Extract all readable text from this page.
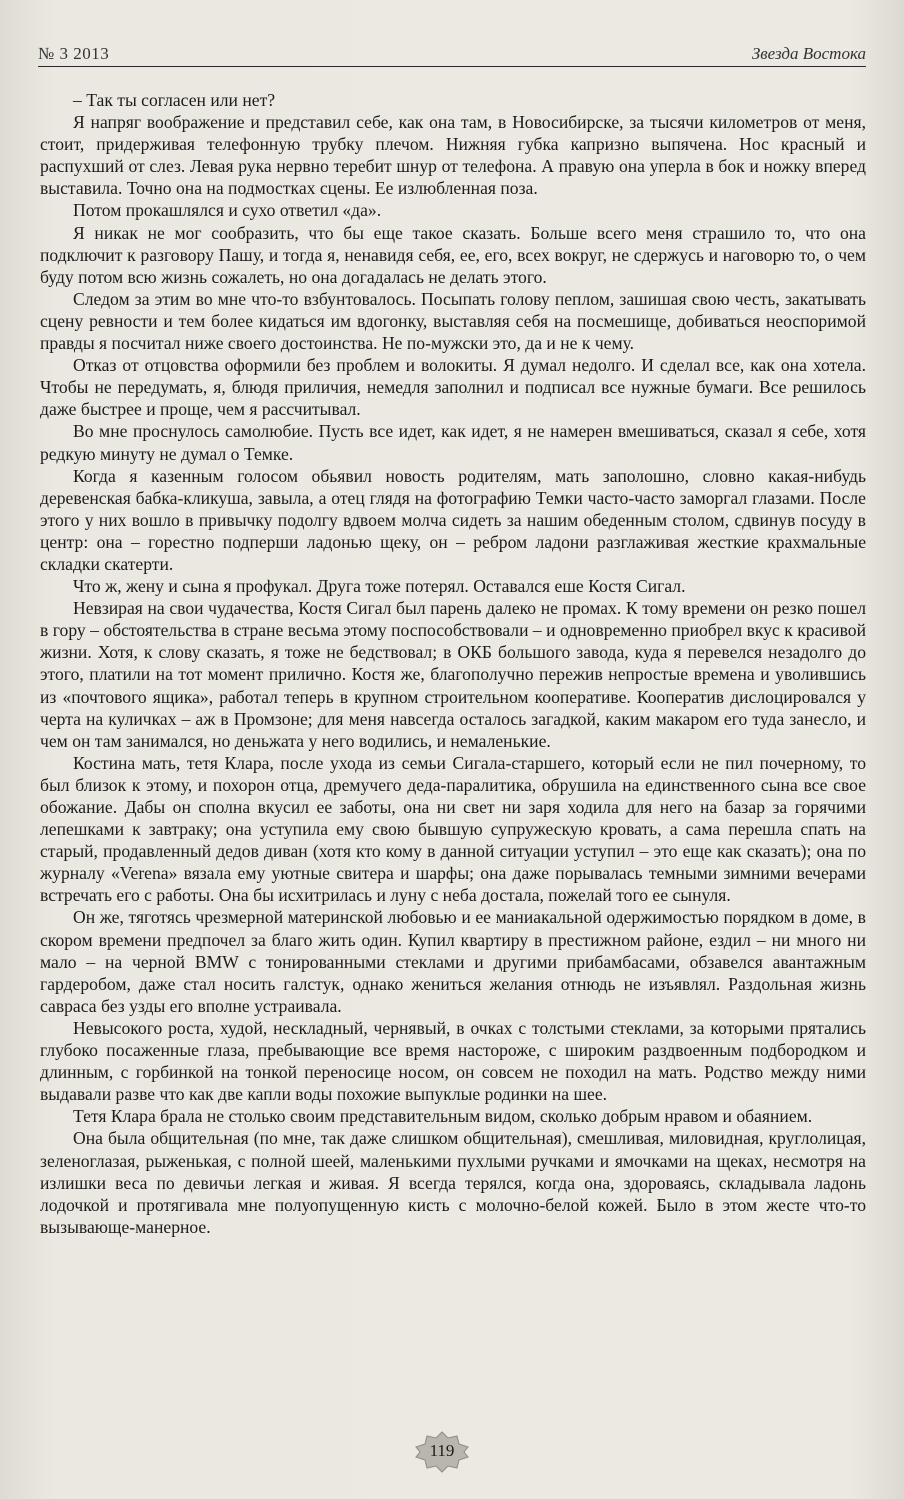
№ 3 2013	Звезда Востока

– Так ты согласен или нет?

Я напряг воображение и представил себе, как она там, в Новосибирске, за тысячи километров от меня, стоит, придерживая телефонную трубку плечом. Нижняя губка капризно выпячена. Нос красный и распухший от слез. Левая рука нервно теребит шнур от телефона. А правую она уперла в бок и ножку вперед выставила. Точно она на подмостках сцены. Ее излюбленная поза.

Потом прокашлялся и сухо ответил «да».

Я никак не мог сообразить, что бы еще такое сказать. Больше всего меня страшило то, что она подключит к разговору Пашу, и тогда я, ненавидя себя, ее, его, всех вокруг, не сдержусь и наговорю то, о чем буду потом всю жизнь сожалеть, но она догадалась не делать этого.

Следом за этим во мне что-то взбунтовалось. Посыпать голову пеплом, зашишая свою честь, закатывать сцену ревности и тем более кидаться им вдогонку, выставляя себя на посмешище, добиваться неоспоримой правды я посчитал ниже своего достоинства. Не по-мужски это, да и не к чему.

Отказ от отцовства оформили без проблем и волокиты. Я думал недолго. И сделал все, как она хотела. Чтобы не передумать, я, блюдя приличия, немедля заполнил и подписал все нужные бумаги. Все решилось даже быстрее и проще, чем я рассчитывал.

Во мне проснулось самолюбие. Пусть все идет, как идет, я не намерен вмешиваться, сказал я себе, хотя редкую минуту не думал о Темке.

Когда я казенным голосом обьявил новость родителям, мать заполошно, словно какая-нибудь деревенская бабка-кликуша, завыла, а отец глядя на фотографию Темки часто-часто заморгал глазами. После этого у них вошло в привычку подолгу вдвоем молча сидеть за нашим обеденным столом, сдвинув посуду в центр: она – горестно подперши ладонью щеку, он – ребром ладони разглаживая жесткие крахмальные складки скатерти.

Что ж, жену и сына я профукал. Друга тоже потерял. Оставался еше Костя Сигал.

Невзирая на свои чудачества, Костя Сигал был парень далеко не промах. К тому времени он резко пошел в гору – обстоятельства в стране весьма этому поспособствовали – и одновременно приобрел вкус к красивой жизни. Хотя, к слову сказать, я тоже не бедствовал; в ОКБ большого завода, куда я перевелся незадолго до этого, платили на тот момент прилично. Костя же, благополучно пережив непростые времена и уволившись из «почтового ящика», работал теперь в крупном строительном кооперативе. Кооператив дислоцировался у черта на куличках – аж в Промзоне; для меня навсегда осталось загадкой, каким макаром его туда занесло, и чем он там занимался, но деньжата у него водились, и немаленькие.

Костина мать, тетя Клара, после ухода из семьи Сигала-старшего, который если не пил почерному, то был близок к этому, и похорон отца, дремучего деда-паралитика, обрушила на единственного сына все свое обожание. Дабы он сполна вкусил ее заботы, она ни свет ни заря ходила для него на базар за горячими лепешками к завтраку; она уступила ему свою бывшую супружескую кровать, а сама перешла спать на старый, продавленный дедов диван (хотя кто кому в данной ситуации уступил – это еще как сказать); она по журналу «Verena» вязала ему уютные свитера и шарфы; она даже порывалась темными зимними вечерами встречать его с работы. Она бы исхитрилась и луну с неба достала, пожелай того ее сынуля.

Он же, тяготясь чрезмерной материнской любовью и ее маниакальной одержимостью порядком в доме, в скором времени предпочел за благо жить один. Купил квартиру в престижном районе, ездил – ни много ни мало – на черной BMW с тонированными стеклами и другими прибамбасами, обзавелся авантажным гардеробом, даже стал носить галстук, однако жениться желания отнюдь не изъявлял. Раздольная жизнь савраса без узды его вполне устраивала.

Невысокого роста, худой, нескладный, чернявый, в очках с толстыми стеклами, за которыми прятались глубоко посаженные глаза, пребывающие все время настороже, с широким раздвоенным подбородком и длинным, с горбинкой на тонкой переносице носом, он совсем не походил на мать. Родство между ними выдавали разве что как две капли воды похожие выпуклые родинки на шее.

Тетя Клара брала не столько своим представительным видом, сколько добрым нравом и обаянием.

Она была общительная (по мне, так даже слишком общительная), смешливая, миловидная, круглолицая, зеленоглазая, рыженькая, с полной шеей, маленькими пухлыми ручками и ямочками на щеках, несмотря на излишки веса по девичьи легкая и живая. Я всегда терялся, когда она, здороваясь, складывала ладонь лодочкой и протягивала мне полуопущенную кисть с молочно-белой кожей. Было в этом жесте что-то вызывающе-манерное.

119
